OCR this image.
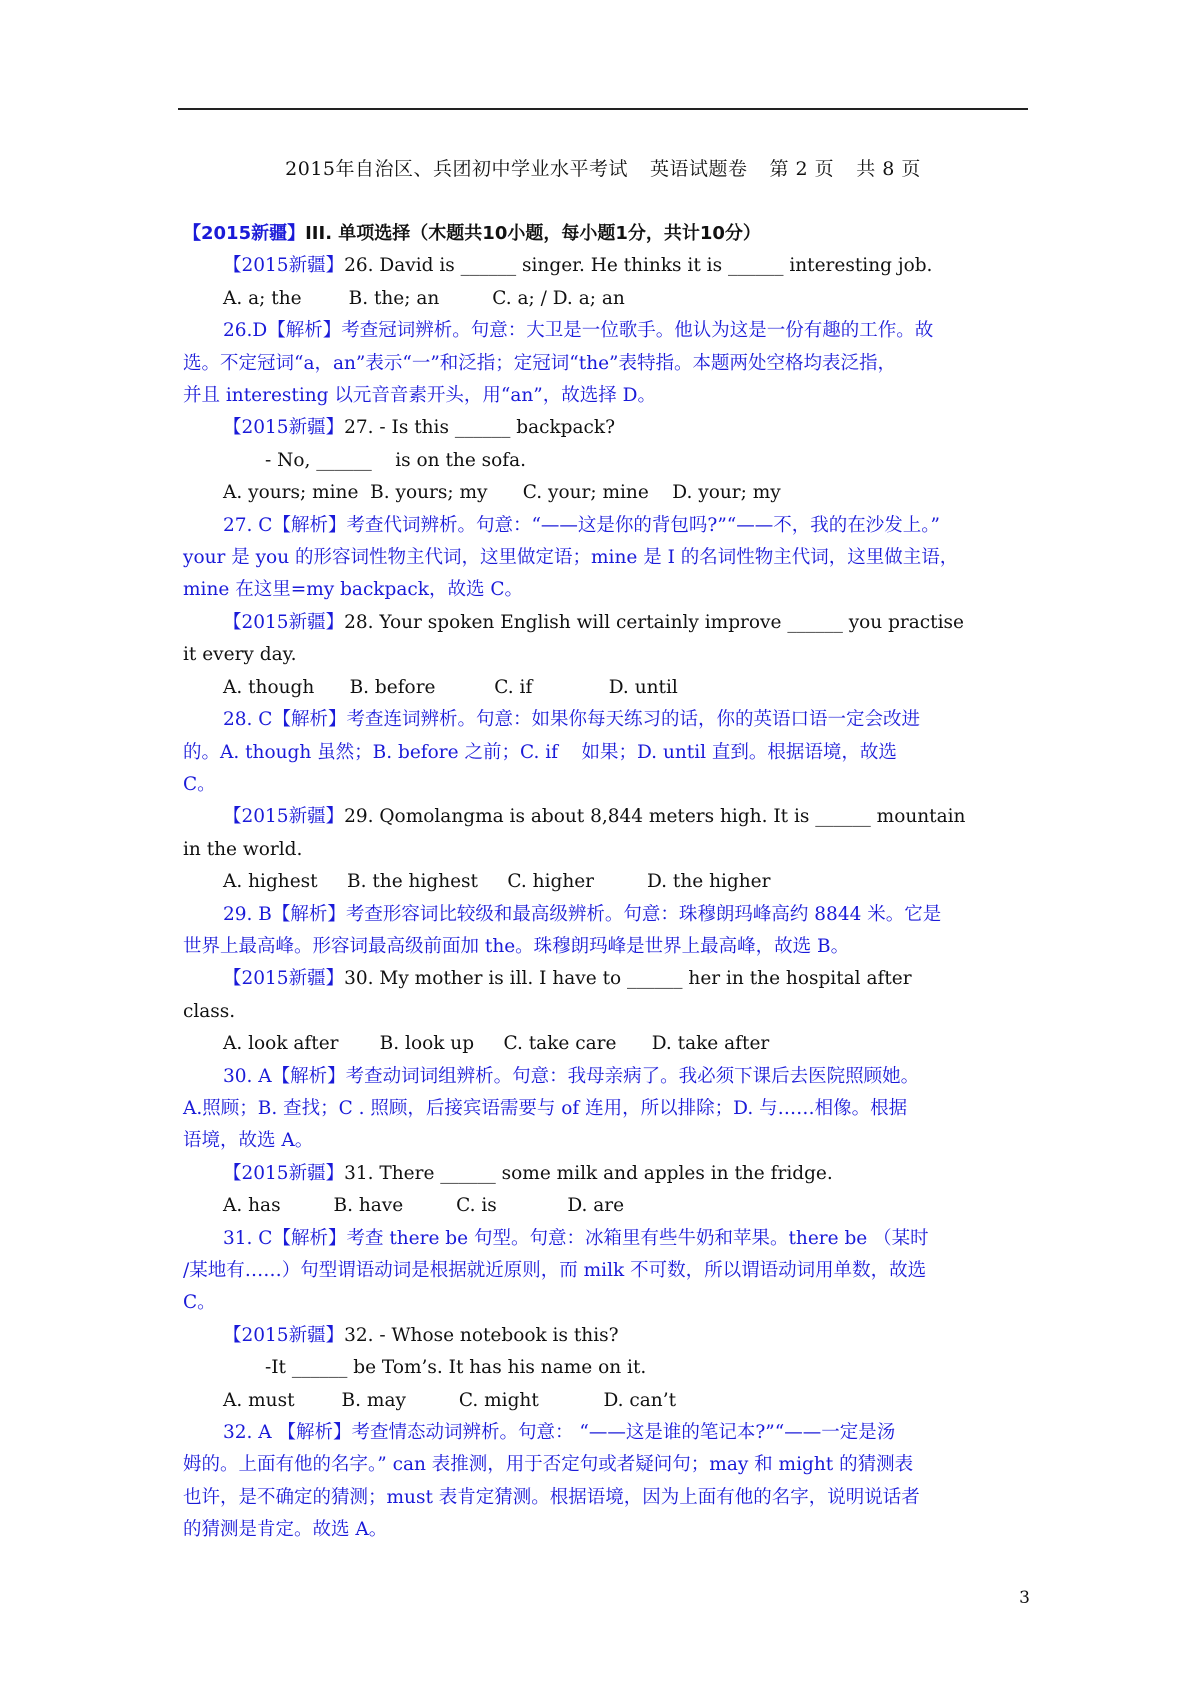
2015年自治区、兵团初中学业水平考试 英语试题卷 第 2 页 共 8 页
【2015新疆】III. 单项选择（木题共10小题，每小题1分，共计10分）
【2015新疆】26. David is ______ singer. He thinks it is ______ interesting job.
A. a; the        B. the; an         C. a; / D. a; an
26.D【解析】考查冠词辨析。句意：大卫是一位歌手。他认为这是一份有趣的工作。故
选。不定冠词“a，an”表示“一”和泛指；定冠词“the”表特指。本题两处空格均表泛指，
并且 interesting 以元音音素开头，用“an”，故选择 D。
【2015新疆】27. - Is this ______ backpack?
- No, ______    is on the sofa.
A. yours; mine  B. yours; my      C. your; mine    D. your; my
27. C【解析】考查代词辨析。句意：“——这是你的背包吗?”“——不，我的在沙发上。”
your 是 you 的形容词性物主代词，这里做定语；mine 是 I 的名词性物主代词，这里做主语，
mine 在这里=my backpack，故选 C。
【2015新疆】28. Your spoken English will certainly improve ______ you practise
it every day.
A. though      B. before          C. if             D. until
28. C【解析】考查连词辨析。句意：如果你每天练习的话，你的英语口语一定会改进
的。A. though 虽然；B. before 之前；C. if    如果；D. until 直到。根据语境，故选
C。
【2015新疆】29. Qomolangma is about 8,844 meters high. It is ______ mountain
in the world.
A. highest     B. the highest     C. higher         D. the higher
29. B【解析】考查形容词比较级和最高级辨析。句意：珠穆朗玛峰高约 8844 米。它是
世界上最高峰。形容词最高级前面加 the。珠穆朗玛峰是世界上最高峰，故选 B。
【2015新疆】30. My mother is ill. I have to ______ her in the hospital after
class.
A. look after       B. look up     C. take care      D. take after
30. A【解析】考查动词词组辨析。句意：我母亲病了。我必须下课后去医院照顾她。
A.照顾；B. 查找；C . 照顾，后接宾语需要与 of 连用，所以排除；D. 与……相像。根据
语境，故选 A。
【2015新疆】31. There ______ some milk and apples in the fridge.
A. has         B. have         C. is            D. are
31. C【解析】考查 there be 句型。句意：冰箱里有些牛奶和苹果。there be （某时
/某地有……）句型谓语动词是根据就近原则，而 milk 不可数，所以谓语动词用单数，故选
C。
【2015新疆】32. - Whose notebook is this?
-It ______ be Tom’s. It has his name on it.
A. must        B. may         C. might           D. can’t
32. A 【解析】考查情态动词辨析。句意： “——这是谁的笔记本?”“——一定是汤
姆的。上面有他的名字。” can 表推测，用于否定句或者疑问句；may 和 might 的猜测表
也许，是不确定的猜测；must 表肯定猜测。根据语境，因为上面有他的名字，说明说话者
的猜测是肯定。故选 A。
3
